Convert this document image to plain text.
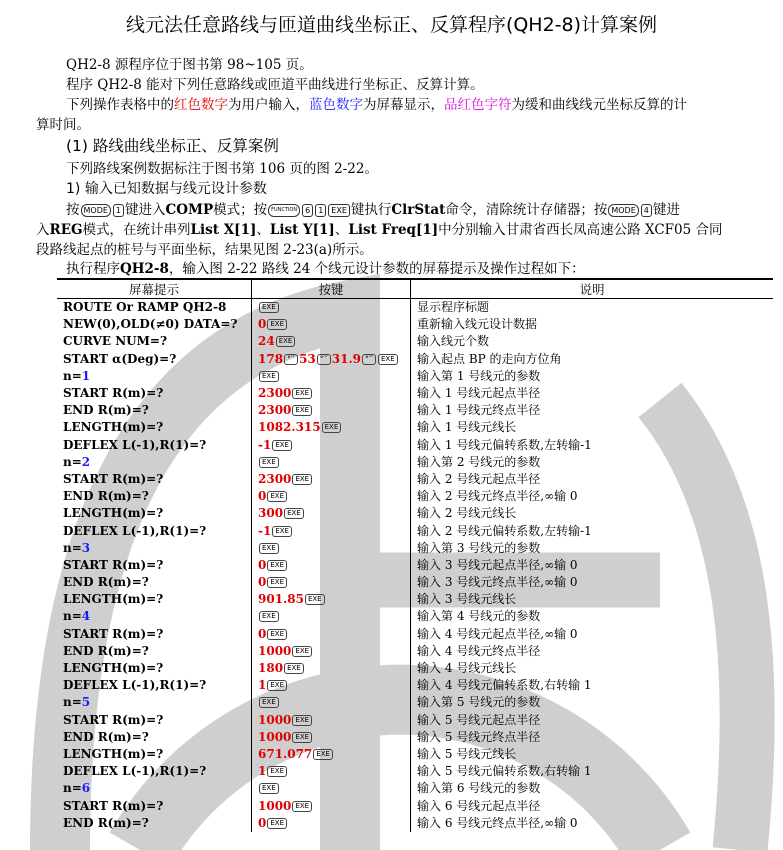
线元法任意路线与匝道曲线坐标正、反算程序(QH2-8)计算案例
QH2-8 源程序位于图书第 98~105 页。
程序 QH2-8 能对下列任意路线或匝道平曲线进行坐标正、反算计算。
下列操作表格中的红色数字为用户输入，蓝色数字为屏幕显示，品红色字符为缓和曲线线元坐标反算的计
算时间。
(1) 路线曲线坐标正、反算案例
下列路线案例数据标注于图书第 106 页的图 2-22。
1) 输入已知数据与线元设计参数
按 MODE 1 键进入COMP模式；按 FUNCTION 6 1 EXE 键执行ClrStat命令，清除统计存储器；按 MODE 4 键进
入REG模式，在统计串列List X[1]、List Y[1]、List Freq[1]中分别输入甘肃省西长凤高速公路 XCF05 合同
段路线起点的桩号与平面坐标，结果见图 2-23(a)所示。
执行程序QH2-8，输入图 2-22 路线 24 个线元设计参数的屏幕提示及操作过程如下：
屏幕提示	按键	说明
ROUTE Or RAMP QH2-8	EXE	显示程序标题
NEW(0),OLD(≠0) DATA=?	0 EXE	重新输入线元设计数据
CURVE NUM=?	24 EXE	输入线元个数
START α(Deg)=?	178 °′″ 53 °′″ 31.9 °′″ EXE	输入起点 BP 的走向方位角
n=1	EXE	输入第 1 号线元的参数
START R(m)=?	2300 EXE	输入 1 号线元起点半径
END R(m)=?	2300 EXE	输入 1 号线元终点半径
LENGTH(m)=?	1082.315 EXE	输入 1 号线元线长
DEFLEX L(-1),R(1)=?	-1 EXE	输入 1 号线元偏转系数,左转输-1
n=2	EXE	输入第 2 号线元的参数
START R(m)=?	2300 EXE	输入 2 号线元起点半径
END R(m)=?	0 EXE	输入 2 号线元终点半径,∞输 0
LENGTH(m)=?	300 EXE	输入 2 号线元线长
DEFLEX L(-1),R(1)=?	-1 EXE	输入 2 号线元偏转系数,左转输-1
n=3	EXE	输入第 3 号线元的参数
START R(m)=?	0 EXE	输入 3 号线元起点半径,∞输 0
END R(m)=?	0 EXE	输入 3 号线元终点半径,∞输 0
LENGTH(m)=?	901.85 EXE	输入 3 号线元线长
n=4	EXE	输入第 4 号线元的参数
START R(m)=?	0 EXE	输入 4 号线元起点半径,∞输 0
END R(m)=?	1000 EXE	输入 4 号线元终点半径
LENGTH(m)=?	180 EXE	输入 4 号线元线长
DEFLEX L(-1),R(1)=?	1 EXE	输入 4 号线元偏转系数,右转输 1
n=5	EXE	输入第 5 号线元的参数
START R(m)=?	1000 EXE	输入 5 号线元起点半径
END R(m)=?	1000 EXE	输入 5 号线元终点半径
LENGTH(m)=?	671.077 EXE	输入 5 号线元线长
DEFLEX L(-1),R(1)=?	1 EXE	输入 5 号线元偏转系数,右转输 1
n=6	EXE	输入第 6 号线元的参数
START R(m)=?	1000 EXE	输入 6 号线元起点半径
END R(m)=?	0 EXE	输入 6 号线元终点半径,∞输 0
